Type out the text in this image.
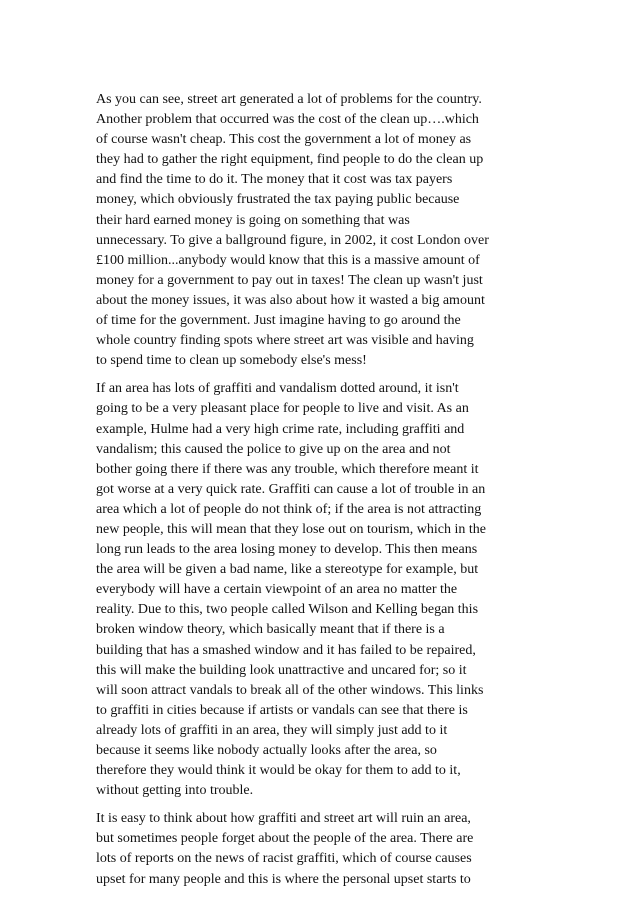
As you can see, street art generated a lot of problems for the country.
Another problem that occurred was the cost of the clean up….which
of course wasn't cheap. This cost the government a lot of money as
they had to gather the right equipment, find people to do the clean up
and find the time to do it. The money that it cost was tax payers
money, which obviously frustrated the tax paying public because
their hard earned money is going on something that was
unnecessary. To give a ballground figure, in 2002, it cost London over
£100 million...anybody would know that this is a massive amount of
money for a government to pay out in taxes! The clean up wasn't just
about the money issues, it was also about how it wasted a big amount
of time for the government. Just imagine having to go around the
whole country finding spots where street art was visible and having
to spend time to clean up somebody else's mess!

If an area has lots of graffiti and vandalism dotted around, it isn't
going to be a very pleasant place for people to live and visit. As an
example, Hulme had a very high crime rate, including graffiti and
vandalism; this caused the police to give up on the area and not
bother going there if there was any trouble, which therefore meant it
got worse at a very quick rate. Graffiti can cause a lot of trouble in an
area which a lot of people do not think of; if the area is not attracting
new people, this will mean that they lose out on tourism, which in the
long run leads to the area losing money to develop. This then means
the area will be given a bad name, like a stereotype for example, but
everybody will have a certain viewpoint of an area no matter the
reality. Due to this, two people called Wilson and Kelling began this
broken window theory, which basically meant that if there is a
building that has a smashed window and it has failed to be repaired,
this will make the building look unattractive and uncared for; so it
will soon attract vandals to break all of the other windows. This links
to graffiti in cities because if artists or vandals can see that there is
already lots of graffiti in an area, they will simply just add to it
because it seems like nobody actually looks after the area, so
therefore they would think it would be okay for them to add to it,
without getting into trouble.

It is easy to think about how graffiti and street art will ruin an area,
but sometimes people forget about the people of the area. There are
lots of reports on the news of racist graffiti, which of course causes
upset for many people and this is where the personal upset starts to
